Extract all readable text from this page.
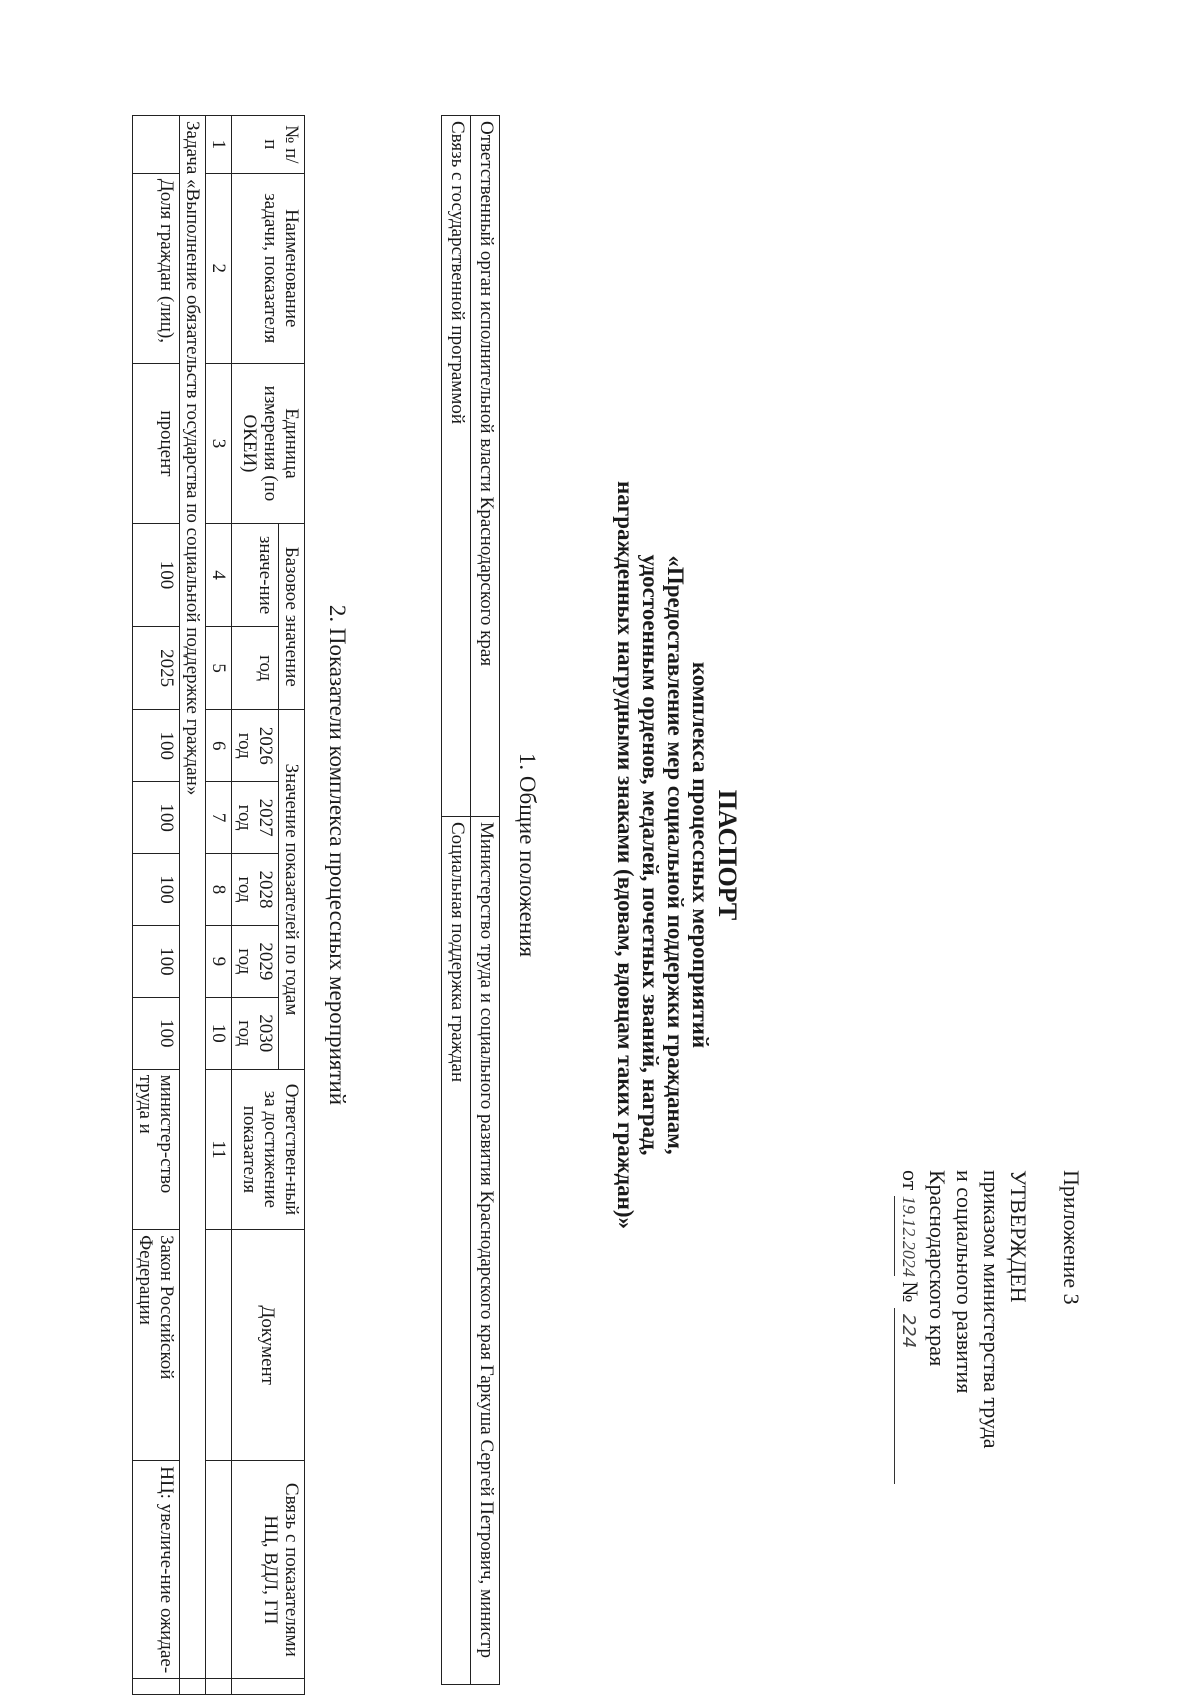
Приложение 3
УТВЕРЖДЕН
приказом министерства труда
и социального развития
Краснодарского края
от 19.12.2024 № 224
ПАСПОРТ
комплекса процессных мероприятий
«Предоставление мер социальной поддержки гражданам,
удостоенным орденов, медалей, почетных званий, наград,
награжденных нагрудными знаками (вдовам, вдовцам таких граждан)»
1. Общие положения
Ответственный орган исполнительной власти Краснодарского края	Министерство труда и социального развития Краснодарского края Гаркуша Сергей Петрович, министр
Связь с государственной программой	Социальная поддержка граждан
2. Показатели комплекса процессных мероприятий
№ п/п	Наименование задачи, показателя	Единица измерения (по ОКЕИ)	Базовое значение		Значение показателей по годам					Ответствен-ный за достижение показателя	Документ	Связь с показателями НЦ, ВДЛ, ГП	
			значе-ние	год	2026 год	2027 год	2028 год	2029 год	2030 год				
1	2	3	4	5	6	7	8	9	10	11			
Задача «Выполнение обязательств государства по социальной поддержке граждан»													
	Доля граждан (лиц),	процент	100	2025	100	100	100	100	100	министер-ство труда и	Закон Российской Федерации	НЦ: увеличе-ние ожидае-	
